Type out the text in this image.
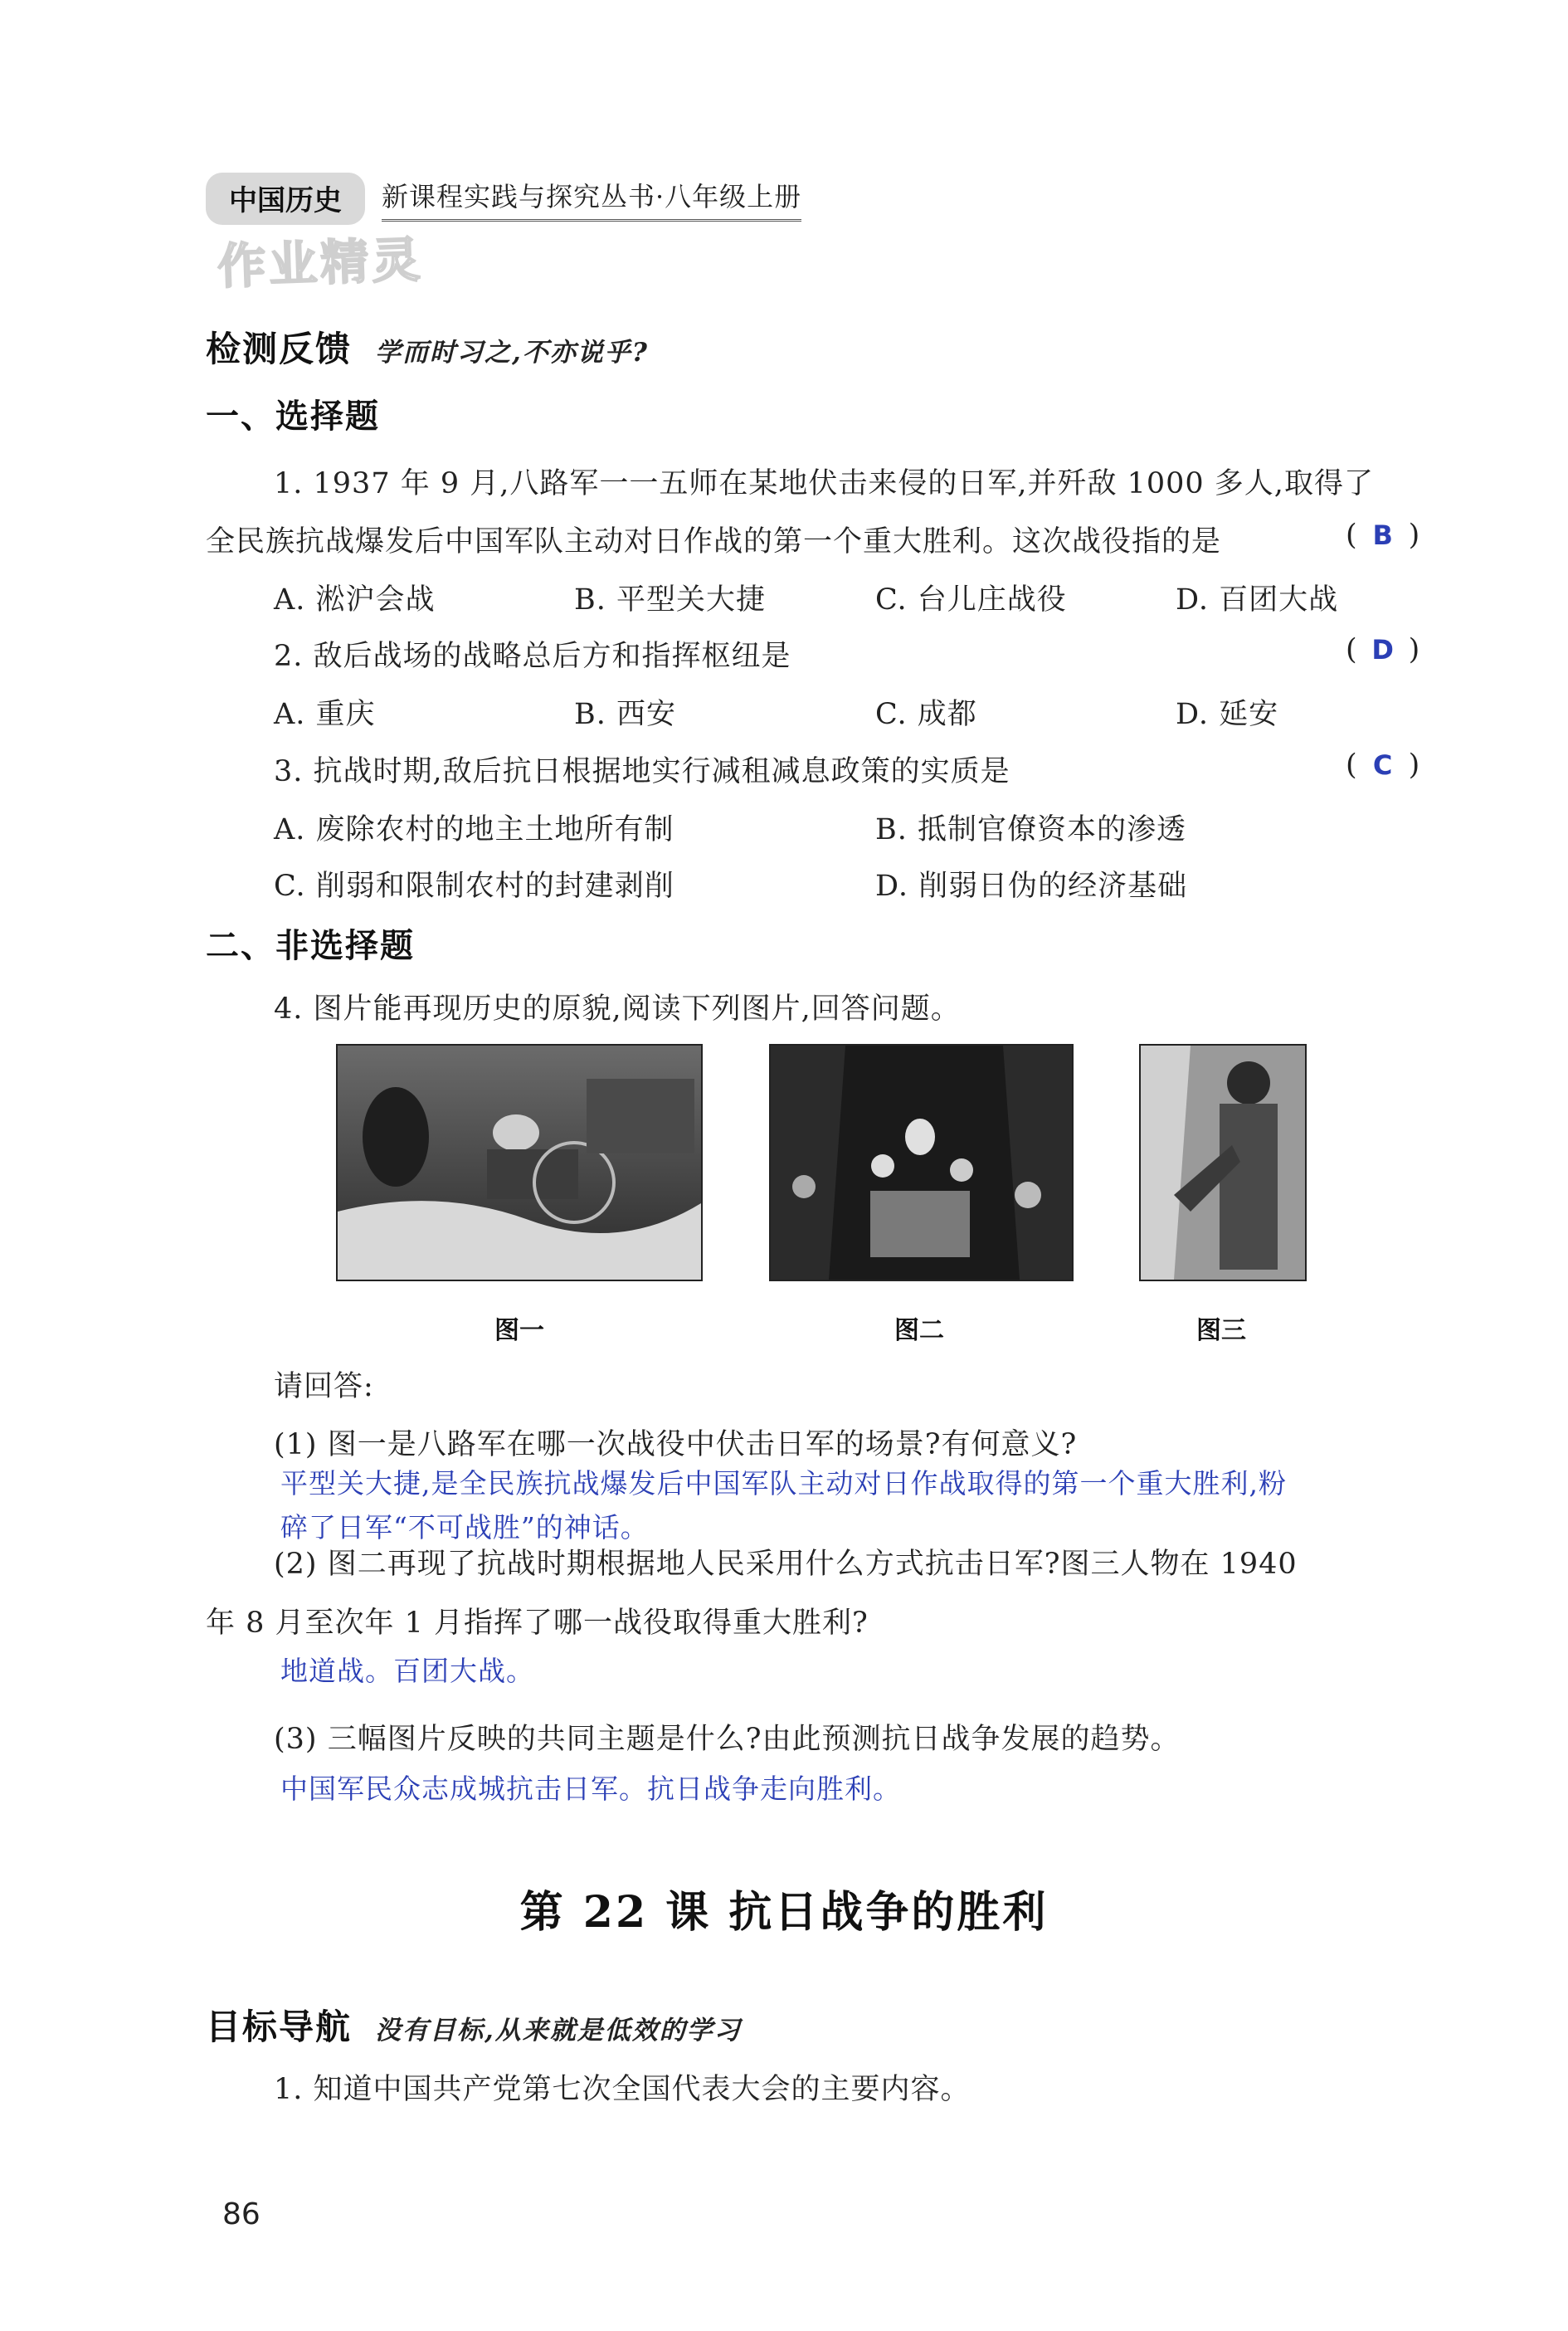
中国历史	新课程实践与探究丛书·八年级上册
作业精灵
检测反馈 学而时习之,不亦说乎?
一、选择题
1. 1937 年 9 月,八路军一一五师在某地伏击来侵的日军,并歼敌 1000 多人,取得了
全民族抗战爆发后中国军队主动对日作战的第一个重大胜利。这次战役指的是	( B )
A. 淞沪会战	B. 平型关大捷	C. 台儿庄战役	D. 百团大战
2. 敌后战场的战略总后方和指挥枢纽是	( D )
A. 重庆	B. 西安	C. 成都	D. 延安
3. 抗战时期,敌后抗日根据地实行减租减息政策的实质是	( C )
A. 废除农村的地主土地所有制	B. 抵制官僚资本的渗透
C. 削弱和限制农村的封建剥削	D. 削弱日伪的经济基础
二、非选择题
4. 图片能再现历史的原貌,阅读下列图片,回答问题。
图一	图二	图三
请回答:
(1) 图一是八路军在哪一次战役中伏击日军的场景?有何意义?
平型关大捷,是全民族抗战爆发后中国军队主动对日作战取得的第一个重大胜利,粉
碎了日军“不可战胜”的神话。
(2) 图二再现了抗战时期根据地人民采用什么方式抗击日军?图三人物在 1940
年 8 月至次年 1 月指挥了哪一战役取得重大胜利?
地道战。百团大战。
(3) 三幅图片反映的共同主题是什么?由此预测抗日战争发展的趋势。
中国军民众志成城抗击日军。抗日战争走向胜利。
第 22 课 抗日战争的胜利
目标导航 没有目标,从来就是低效的学习
1. 知道中国共产党第七次全国代表大会的主要内容。
86
